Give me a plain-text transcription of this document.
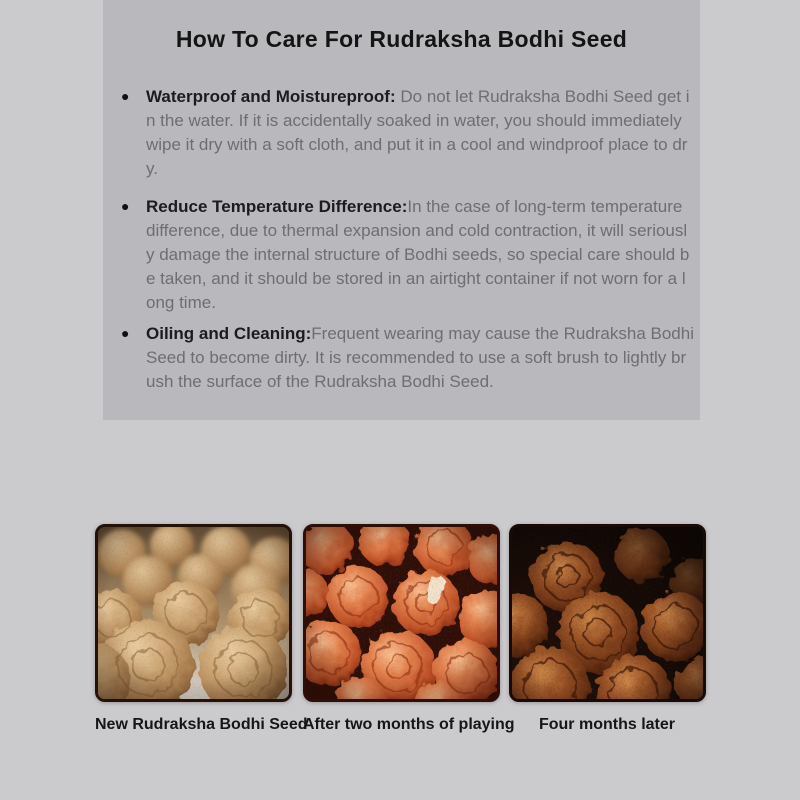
How To Care For Rudraksha Bodhi Seed
● Waterproof and Moistureproof: Do not let Rudraksha Bodhi Seed get in the water. If it is accidentally soaked in water, you should immediately wipe it dry with a soft cloth, and put it in a cool and windproof place to dry.
● Reduce Temperature Difference:In the case of long-term temperature difference, due to thermal expansion and cold contraction, it will seriously damage the internal structure of Bodhi seeds, so special care should be taken, and it should be stored in an airtight container if not worn for a long time.
● Oiling and Cleaning:Frequent wearing may cause the Rudraksha Bodhi Seed to become dirty. It is recommended to use a soft brush to lightly brush the surface of the Rudraksha Bodhi Seed.
New Rudraksha Bodhi Seed
After two months of playing	Four months later
